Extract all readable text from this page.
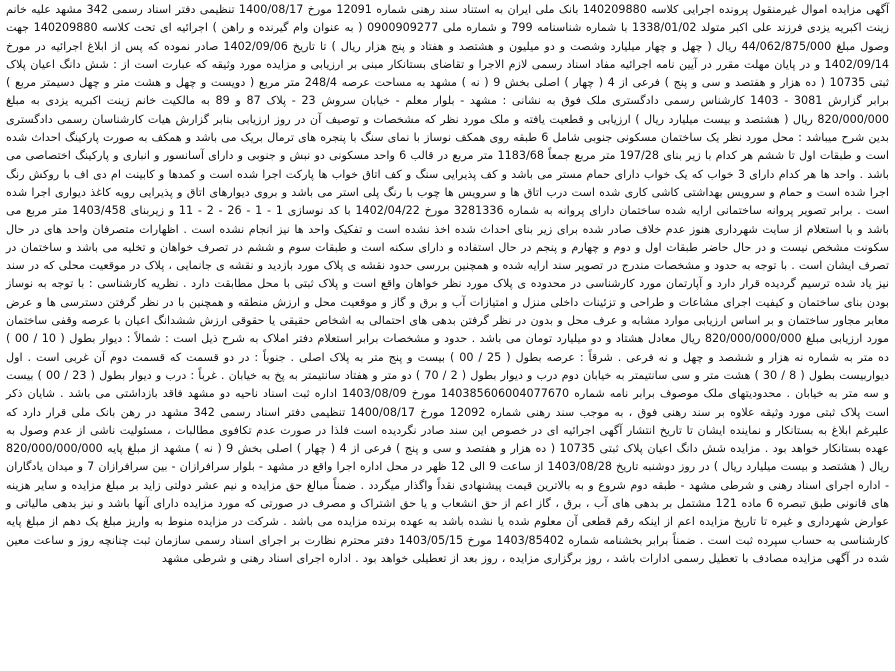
آگهی مزایده اموال غیرمنقول پرونده اجرایی کلاسه 140209880 بانک ملی ایران به استناد سند رهنی شماره 12091 مورخ 1400/08/17 تنظیمی دفتر اسناد رسمی 342 مشهد علیه خانم زینت اکبریه یزدی فرزند علی اکبر متولد 1338/01/02 با شماره شناسنامه 799 و شماره ملی 0900909277 ( به عنوان وام گیرنده و راهن ) اجرائیه ای تحت کلاسه 140209880 جهت وصول مبلغ 44/062/875/000 ریال ( چهل و چهار میلیارد وشصت و دو میلیون و هشتصد و هفتاد و پنج هزار ریال ) تا تاریخ 1402/09/06 صادر نموده که پس از ابلاغ اجرائیه در مورخ 1402/09/14 و در پایان مهلت مقرر در آیین نامه اجرائیه مفاد اسناد رسمی لازم الاجرا و تقاضای بستانکار مبنی بر ارزیابی و مزایده مورد وثیقه که عبارت است از : شش دانگ اعیان پلاک ثبتی 10735 ( ده هزار و هفتصد و سی و پنج ) فرعی از 4 ( چهار ) اصلی بخش 9 ( نه ) مشهد به مساحت عرصه 248/4 متر مربع ( دویست و چهل و هشت متر و چهل دسیمتر مربع ) برابر گزارش 3081 - 1403 کارشناس رسمی دادگستری ملک فوق به نشانی : مشهد - بلوار معلم - خیابان سروش 23 - پلاک 87 و 89 به مالکیت خانم زینت اکبریه یزدی به مبلغ 820/000/000 ریال ( هشتصد و بیست میلیارد ریال ) ارزیابی و قطعیت یافته و ملک مورد نظر که مشخصات و توصیف آن در روز ارزیابی بنابر گزارش هیات کارشناسان رسمی دادگستری بدین شرح میباشد : محل مورد نظر یک ساختمان مسکونی جنوبی شامل 6 طبقه روی همکف نوساز با نمای سنگ با پنجره های ترمال بریک می باشد و همکف به صورت پارکینگ احداث شده است و طبقات اول تا ششم هر کدام با زیر بنای 197/28 متر مربع جمعاً 1183/68 متر مربع در قالب 6 واحد مسکونی دو نبش و جنوبی و دارای آسانسور و انباری و پارکینگ اختصاصی می باشد . واحد ها هر کدام دارای 3 خواب که یک خواب دارای حمام مستر می باشد و کف پذیرایی سنگ و کف اتاق خواب ها پارکت اجرا شده است و کمدها و کابینت ام دی اف با روکش رنگ اجرا شده است و حمام و سرویس بهداشتی کاشی کاری شده است درب اتاق ها و سرویس ها چوب با رنگ پلی استر می باشد و بروی دیوارهای اتاق و پذیرایی رویه کاغذ دیواری اجرا شده است . برابر تصویر پروانه ساختمانی ارایه شده ساختمان دارای پروانه به شماره 3281336 مورخ 1402/04/22 با کد نوسازی 1 - 1 - 26 - 2 - 11 و زیربنای 1403/458 متر مربع می باشد و با استعلام از سایت شهرداری هنوز عدم خلاف صادر شده برای زیر بنای احداث شده اخذ نشده است و تفکیک واحد ها نیز انجام نشده است . اظهارات متصرفان واحد های در حال سکونت مشخص نیست و در حال حاضر طبقات اول و دوم و چهارم و پنجم در حال استفاده و دارای سکنه است و طبقات سوم و ششم در تصرف خواهان و تخلیه می باشد و ساختمان در تصرف ایشان است . با توجه به حدود و مشخصات مندرج در تصویر سند ارایه شده و همچنین بررسی حدود نقشه ی پلاک مورد بازدید و نقشه ی جانمایی ، پلاک در موقعیت محلی که در سند نیز یاد شده ترسیم گردیده قرار دارد و آپارتمان مورد کارشناسی در محدوده ی پلاک مورد نظر خواهان واقع است و پلاک ثبتی با محل مطابقت دارد . نظریه کارشناسی : با توجه به نوساز بودن بنای ساختمان و کیفیت اجرای مشاعات و طراحی و تزئینات داخلی منزل و امتیازات آب و برق و گاز و موقعیت محل و ارزش منطقه و همچنین با در نظر گرفتن دسترسی ها و عرض معابر مجاور ساختمان و بر اساس ارزیابی موارد مشابه و عرف محل و بدون در نظر گرفتن بدهی های احتمالی به اشخاص حقیقی یا حقوقی ارزش ششدانگ اعیان با عرصه وقفی ساختمان مورد ارزیابی مبلغ 820/000/000/000 ریال معادل هشتاد و دو میلیارد تومان می باشد . حدود و مشخصات برابر استعلام دفتر املاک به شرح ذیل است : شمالاً : دیوار بطول ( 10 / 00 ) ده متر به شماره نه هزار و ششصد و چهل و نه فرعی . شرقاً : عرصه بطول ( 25 / 00 ) بیست و پنج متر به پلاک اصلی . جنوباً : در دو قسمت که قسمت دوم آن غربی است . اول دیواربیست بطول ( 8 / 30 ) هشت متر و سی سانتیمتر به خیابان دوم درب و دیوار بطول ( 2 / 70 ) دو متر و هفتاد سانتیمتر به پخ به خیابان . غرباً : درب و دیوار بطول ( 23 / 00 ) بیست و سه متر به خیابان . محدودیتهای ملک موصوف برابر نامه شماره 140385606004077670 مورخ 1403/08/09 اداره ثبت اسناد ناحیه دو مشهد فاقد بازداشتی می باشد . شایان ذکر است پلاک ثبتی مورد وثیقه علاوه بر سند رهنی فوق ، به موجب سند رهنی شماره 12092 مورخ 1400/08/17 تنظیمی دفتر اسناد رسمی 342 مشهد در رهن بانک ملی قرار دارد که علیرغم ابلاغ به بستانکار و نماینده ایشان تا تاریخ انتشار آگهی اجرائیه ای در خصوص این سند صادر نگردیده است فلذا در صورت عدم تکافوی مطالبات ، مسئولیت ناشی از عدم وصول به عهده بستانکار خواهد بود . مزایده شش دانگ اعیان پلاک ثبتی 10735 ( ده هزار و هفتصد و سی و پنج ) فرعی از 4 ( چهار ) اصلی بخش 9 ( نه ) مشهد از مبلغ پایه 820/000/000/000 ریال ( هشتصد و بیست میلیارد ریال ) در روز دوشنبه تاریخ 1403/08/28 از ساعت 9 الی 12 ظهر در محل اداره اجرا واقع در مشهد - بلوار سرافرازان - بین سرافرازان 7 و میدان یادگاران - اداره اجرای اسناد رهنی و شرطی مشهد - طبقه دوم شروع و به بالاترین قیمت پیشنهادی نقداً واگذار میگردد . ضمناً مبالغ حق مزایده و نیم عشر دولتی زاید بر مبلغ مزایده و سایر هزینه های قانونی طبق تبصره 6 ماده 121 مشتمل بر بدهی های آب ، برق ، گاز اعم از حق انشعاب و یا حق اشتراک و مصرف در صورتی که مورد مزایده دارای آنها باشد و نیز بدهی مالیاتی و عوارض شهرداری و غیره تا تاریخ مزایده اعم از اینکه رقم قطعی آن معلوم شده یا نشده باشد به عهده برنده مزایده می باشد . شرکت در مزایده منوط به واریز مبلغ یک دهم از مبلغ پایه کارشناسی به حساب سپرده ثبت است . ضمناً برابر بخشنامه شماره 1403/85402 مورخ 1403/05/15 دفتر محترم نظارت بر اجرای اسناد رسمی سازمان ثبت چنانچه روز و ساعت معین شده در آگهی مزایده مصادف با تعطیل رسمی ادارات باشد ، روز برگزاری مزایده ، روز بعد از تعطیلی خواهد بود . اداره اجرای اسناد رهنی و شرطی مشهد
